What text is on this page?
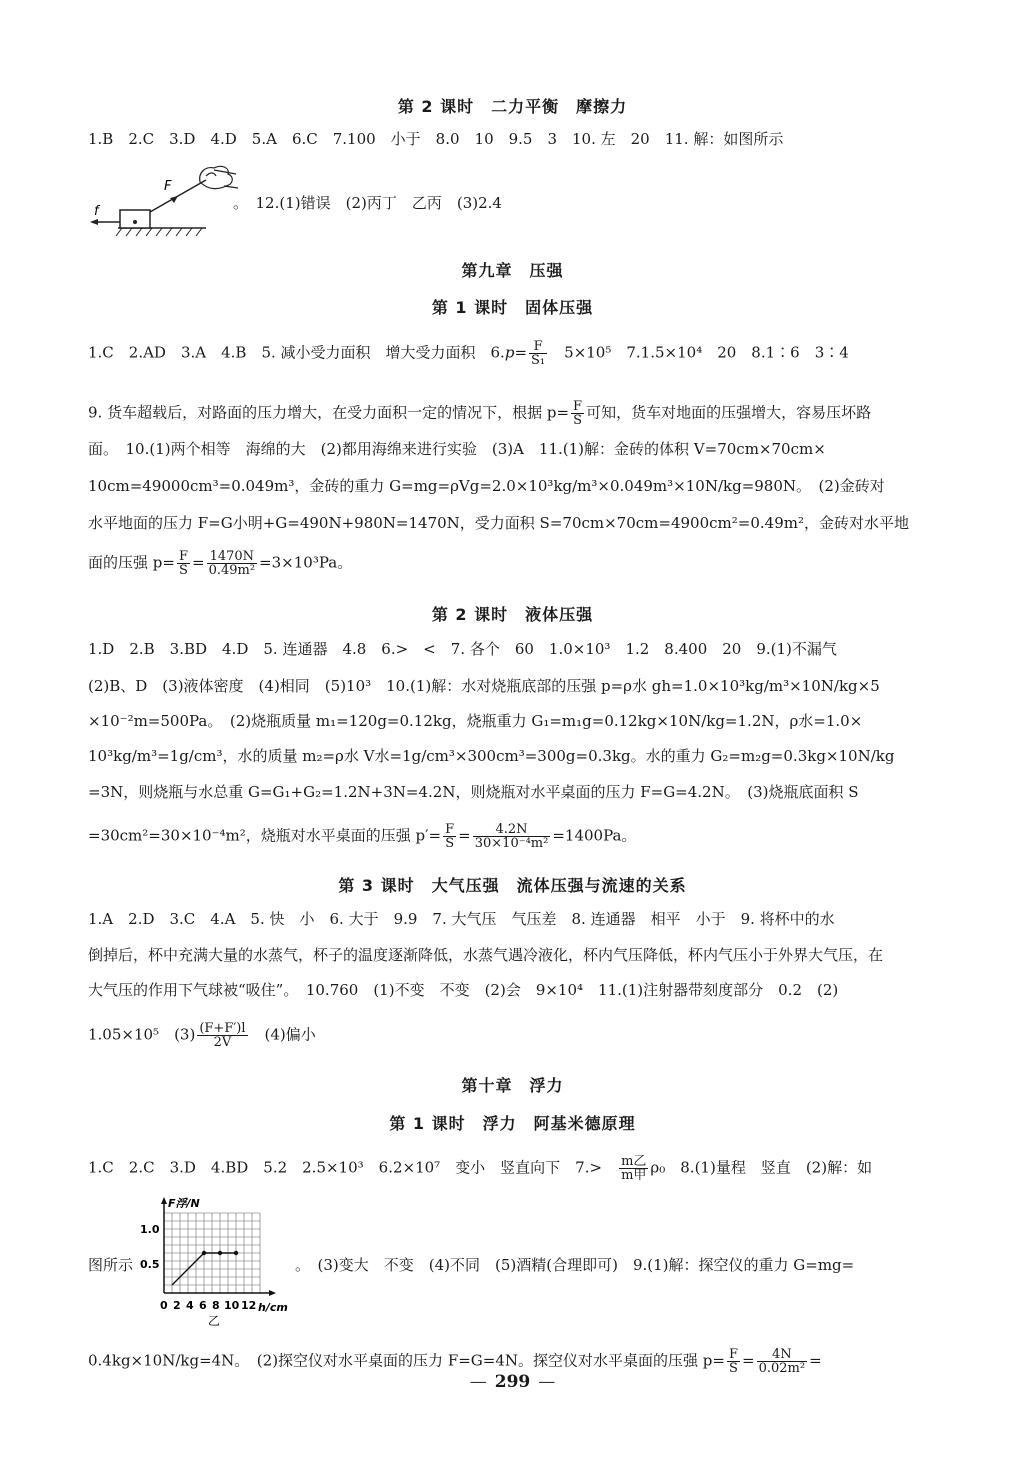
第 2 课时　二力平衡　摩擦力
1.B　2.C　3.D　4.D　5.A　6.C　7.100　小于　8.0　10　9.5　3　10. 左　20　11. 解：如图所示
f
F
。　12.(1)错误　(2)丙丁　乙丙　(3)2.4
第九章　压强
第 1 课时　固体压强
1.C　2.AD　3.A　4.B　5. 减小受力面积　增大受力面积　$6.p= \frac{F}{\text{S₁}}$
　 5×10⁵　7.1.5×10⁴　20　8.1∶6　3∶4
9. 货车超载后，对路面的压力增大，在受力面积一定的情况下，根据 $p= \frac{F}{S}$ 可知，货车对地面的压强增大，容易压坏路
面。　10.(1)两个相等　海绵的大　(2)都用海绵来进行实验　(3)A　11.(1)解：金砖的体积 V=70cm×70cm×
10cm=49000cm³=0.049m³，金砖的重力 G=mg=ρVg=2.0×10³kg/m³×0.049m³×10N/kg=980N。　(2)金砖对
水平地面的压力 F=G小明+G=490N+980N=1470N，受力面积 S=70cm×70cm=4900cm²=0.49m²，金砖对水平地
面的压强 $p= \frac{F}{S} = \frac{1470N}{\text{0.49m²}} =3\times 10^3Pa$。
第 2 课时　液体压强
1.D　2.B　3.BD　4.D　5. 连通器　4.8　6.>　<　7. 各个　60　1.0×10³　1.2　8.400　20　9.(1)不漏气
(2)B、D　(3)液体密度　(4)相同　(5)10³　10.(1)解：水对烧瓶底部的压强 p=ρ水 gh=1.0×10³kg/m³×10N/kg×5
×10⁻²m=500Pa。　(2)烧瓶质量 m₁=120g=0.12kg，烧瓶重力 G₁=m₁g=0.12kg×10N/kg=1.2N，ρ水=1.0×
10³kg/m³=1g/cm³，水的质量 m₂=ρ水 V水=1g/cm³×300cm³=300g=0.3kg。水的重力 G₂=m₂g=0.3kg×10N/kg
=3N，则烧瓶与水总重 G=G₁+G₂=1.2N+3N=4.2N，则烧瓶对水平桌面的压力 F=G=4.2N。　(3)烧瓶底面积 S
=30cm²=30×10⁻⁴m²，烧瓶对水平桌面的压强 $p'= \frac{F}{S} = \frac{4.2N}{\text{30×10⁻⁴m²}} =1400Pa$。
第 3 课时　大气压强　流体压强与流速的关系
1.A　2.D　3.C　4.A　5. 快　小　6. 大于　9.9　7. 大气压　气压差　8. 连通器　相平　小于　9. 将杯中的水
倒掉后，杯中充满大量的水蒸气，杯子的温度逐渐降低，水蒸气遇冷液化，杯内气压降低，杯内气压小于外界大气压，在
大气压的作用下气球被“吸住”。　10.760　(1)不变　不变　(2)会　9×10⁴　11.(1)注射器带刻度部分　0.2　(2)
1.05×10⁵　$(3) \frac{(F+F')l}{2V}$
　 (4)偏小
第十章　浮力
第 1 课时　浮力　阿基米德原理
1.C　2.C　3.D　4.BD　5.2　2.5×10³　6.2×10⁷　变小　竖直向下　7.>　 $\frac{\text{m乙}}{\text{m甲}} \rho_0$　 8.(1)量程　竖直　(2)解：如
F浮/N
1.0
0.5
0 2 4 6 8 10 12 h/cm
乙
图所示	。　(3)变大　不变　(4)不同　(5)酒精(合理即可)　9.(1)解：探空仪的重力 G=mg=
0.4kg×10N/kg=4N。　(2)探空仪对水平桌面的压力 F=G=4N。探空仪对水平桌面的压强 $p= \frac{F}{S} = \frac{4N}{\text{0.02m²}}$ =
— 299 —
